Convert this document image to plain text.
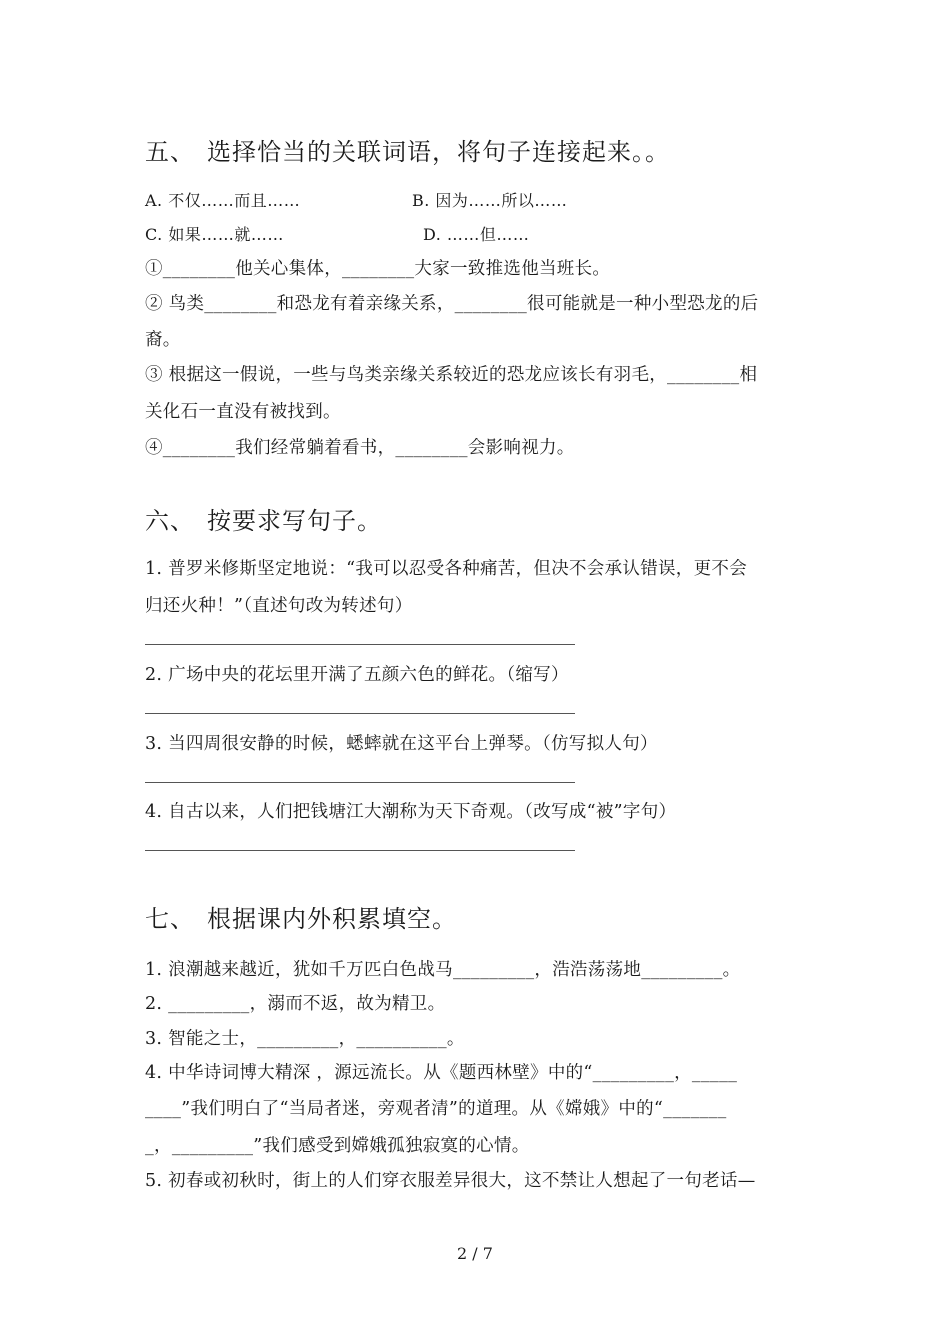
五、 选择恰当的关联词语，将句子连接起来。。
A. 不仅……而且……	B. 因为……所以……
C. 如果……就……	D. ……但……
①________他关心集体，________大家一致推选他当班长。
② 鸟类________和恐龙有着亲缘关系，________很可能就是一种小型恐龙的后
裔。
③ 根据这一假说，一些与鸟类亲缘关系较近的恐龙应该长有羽毛，________相
关化石一直没有被找到。
④________我们经常躺着看书，________会影响视力。
六、 按要求写句子。
1. 普罗米修斯坚定地说：“我可以忍受各种痛苦，但决不会承认错误，更不会
归还火种！”（直述句改为转述句）
2. 广场中央的花坛里开满了五颜六色的鲜花。（缩写）
3. 当四周很安静的时候，蟋蟀就在这平台上弹琴。（仿写拟人句）
4. 自古以来，人们把钱塘江大潮称为天下奇观。（改写成“被”字句）
七、 根据课内外积累填空。
1. 浪潮越来越近，犹如千万匹白色战马_________，浩浩荡荡地_________。
2. _________，溺而不返，故为精卫。
3. 智能之士，_________，__________。
4. 中华诗词博大精深 ，源远流长。从《题西林壁》中的“_________，_____
____”我们明白了“当局者迷，旁观者清”的道理。从《嫦娥》中的“_______
_，_________”我们感受到嫦娥孤独寂寞的心情。
5. 初春或初秋时，街上的人们穿衣服差异很大，这不禁让人想起了一句老话—
2 / 7
